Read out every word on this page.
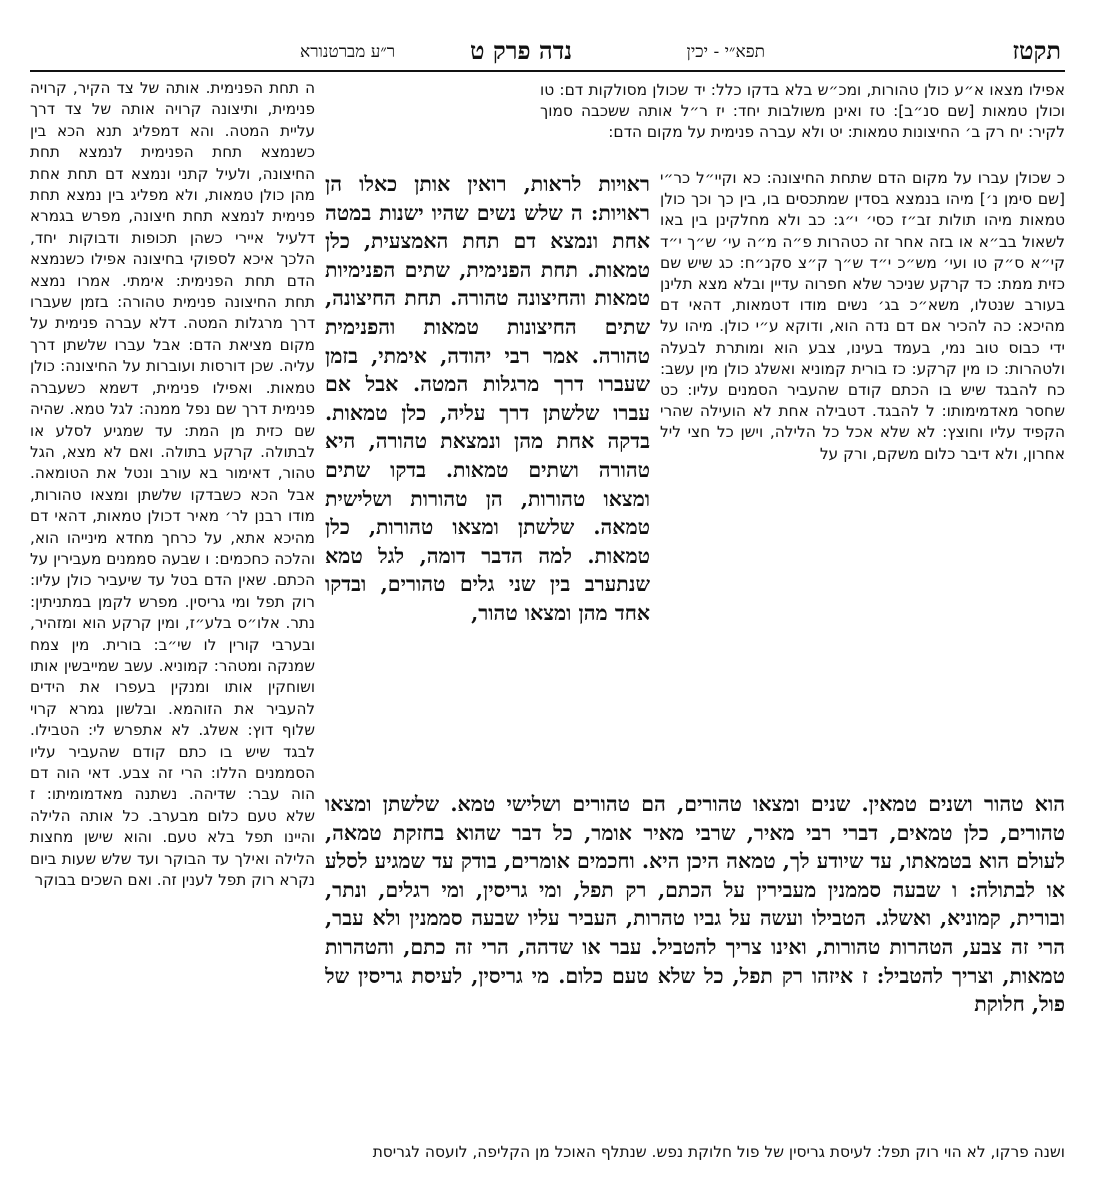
תקטז
תפא״י - יכין
נדה פרק ט
ר״ע מברטנורא

אפילו מצאו א״ע כולן טהורות, ומכ״ש בלא בדקו כלל: יד שכולן מסולקות דם: טו וכולן טמאות [שם סנ״ב]: טז ואינן משולבות יחד: יז ר״ל אותה ששכבה סמוך לקיר: יח רק ב׳ החיצונות טמאות: יט ולא עברה פנימית על מקום הדם:

כ שכולן עברו על מקום הדם שתחת החיצונה: כא וקיי״ל כר״י [שם סימן נ׳] מיהו בנמצא בסדין שמתכסים בו, בין כך וכך כולן טמאות מיהו תולות זב״ז כסי׳ י״ג: כב ולא מחלקינן בין באו לשאול בב״א או בזה אחר זה כטהרות פ״ה מ״ה עי׳ ש״ך י״ד קי״א ס״ק טו ועי׳ מש״כ י״ד ש״ך ק״צ סקנ״ח: כג שיש שם כזית ממת: כד קרקע שניכר שלא חפרוה עדיין ובלא מצא תלינן בעורב שנטלו, משא״כ בג׳ נשים מודו דטמאות, דהאי דם מהיכא: כה להכיר אם דם נדה הוא, ודוקא ע״י כולן. מיהו על ידי כבוס טוב נמי, בעמד בעינו, צבע הוא ומותרת לבעלה ולטהרות: כו מין קרקע: כז בורית קמוניא ואשלג כולן מין עשב: כח להבגד שיש בו הכתם קודם שהעביר הסמנים עליו: כט שחסר מאדמימותו: ל להבגד. דטבילה אחת לא הועילה שהרי הקפיד עליו וחוצץ: לא שלא אכל כל הלילה, וישן כל חצי ליל אחרון, ולא דיבר כלום משקם, ורק על

ראויות לראות, רואין אותן כאלו הן ראויות: ה שלש נשים שהיו ישנות במטה אחת ונמצא דם תחת האמצעית, כלן טמאות. תחת הפנימית, שתים הפנימיות טמאות והחיצונה טהורה. תחת החיצונה, שתים החיצונות טמאות והפנימית טהורה. אמר רבי יהודה, אימתי, בזמן שעברו דרך מרגלות המטה. אבל אם עברו שלשתן דרך עליה, כלן טמאות. בדקה אחת מהן ונמצאת טהורה, היא טהורה ושתים טמאות. בדקו שתים ומצאו טהורות, הן טהורות ושלישית טמאה. שלשתן ומצאו טהורות, כלן טמאות. למה הדבר דומה, לגל טמא שנתערב בין שני גלים טהורים, ובדקו אחד מהן ומצאו טהור,

ה תחת הפנימית. אותה של צד הקיר, קרויה פנימית, ותיצונה קרויה אותה של צד דרך עליית המטה. והא דמפליג תנא הכא בין כשנמצא תחת הפנימית לנמצא תחת החיצונה, ולעיל קתני ונמצא דם תחת אחת מהן כולן טמאות, ולא מפליג בין נמצא תחת פנימית לנמצא תחת חיצונה, מפרש בגמרא דלעיל איירי כשהן תכופות ודבוקות יחד, הלכך איכא לספוקי בחיצונה אפילו כשנמצא הדם תחת הפנימית: אימתי. אמרו נמצא תחת החיצונה פנימית טהורה: בזמן שעברו דרך מרגלות המטה. דלא עברה פנימית על מקום מציאת הדם: אבל עברו שלשתן דרך עליה. שכן דורסות ועוברות על החיצונה: כולן טמאות. ואפילו פנימית, דשמא כשעברה פנימית דרך שם נפל ממנה: לגל טמא. שהיה שם כזית מן המת: עד שמגיע לסלע או לבתולה. קרקע בתולה. ואם לא מצא, הגל טהור, דאימור בא עורב ונטל את הטומאה. אבל הכא כשבדקו שלשתן ומצאו טהורות, מודו רבנן לר׳ מאיר דכולן טמאות, דהאי דם מהיכא אתא, על כרחך מחדא מינייהו הוא, והלכה כחכמים: ו שבעה סממנים מעבירין על הכתם. שאין הדם בטל עד שיעביר כולן עליו: רוק תפל ומי גריסין. מפרש לקמן במתניתין: נתר. אלו״ס בלע״ז, ומין קרקע הוא ומזהיר, ובערבי קורין לו שי״ב: בורית. מין צמח שמנקה ומטהר: קמוניא. עשב שמייבשין אותו ושוחקין אותו ומנקין בעפרו את הידים להעביר את הזוהמא. ובלשון גמרא קרוי שלוף דוץ: אשלג. לא אתפרש לי: הטבילו. לבגד שיש בו כתם קודם שהעביר עליו הסממנים הללו: הרי זה צבע. דאי הוה דם הוה עבר: שדיהה. נשתנה מאדמומיתו: ז שלא טעם כלום מבערב. כל אותה הלילה והיינו תפל בלא טעם. והוא שישן מחצות הלילה ואילך עד הבוקר ועד שלש שעות ביום נקרא רוק תפל לענין זה. ואם השכים בבוקר

הוא טהור ושנים טמאין. שנים ומצאו טהורים, הם טהורים ושלישי טמא. שלשתן ומצאו טהורים, כלן טמאים, דברי רבי מאיר, שרבי מאיר אומר, כל דבר שהוא בחזקת טמאה, לעולם הוא בטמאתו, עד שיודע לך, טמאה היכן היא. וחכמים אומרים, בודק עד שמגיע לסלע או לבתולה: ו שבעה סממנין מעבירין על הכתם, רק תפל, ומי גריסין, ומי רגלים, ונתר, ובורית, קמוניא, ואשלג. הטבילו ועשה על גביו טהרות, העביר עליו שבעה סממנין ולא עבר, הרי זה צבע, הטהרות טהורות, ואינו צריך להטביל. עבר או שדהה, הרי זה כתם, והטהרות טמאות, וצריך להטביל: ז איזהו רק תפל, כל שלא טעם כלום. מי גריסין, לעיסת גריסין של פול, חלוקת

ושנה פרקו, לא הוי רוק תפל: לעיסת גריסין של פול חלוקת נפש. שנתלף האוכל מן הקליפה, לועסה לגריסת
